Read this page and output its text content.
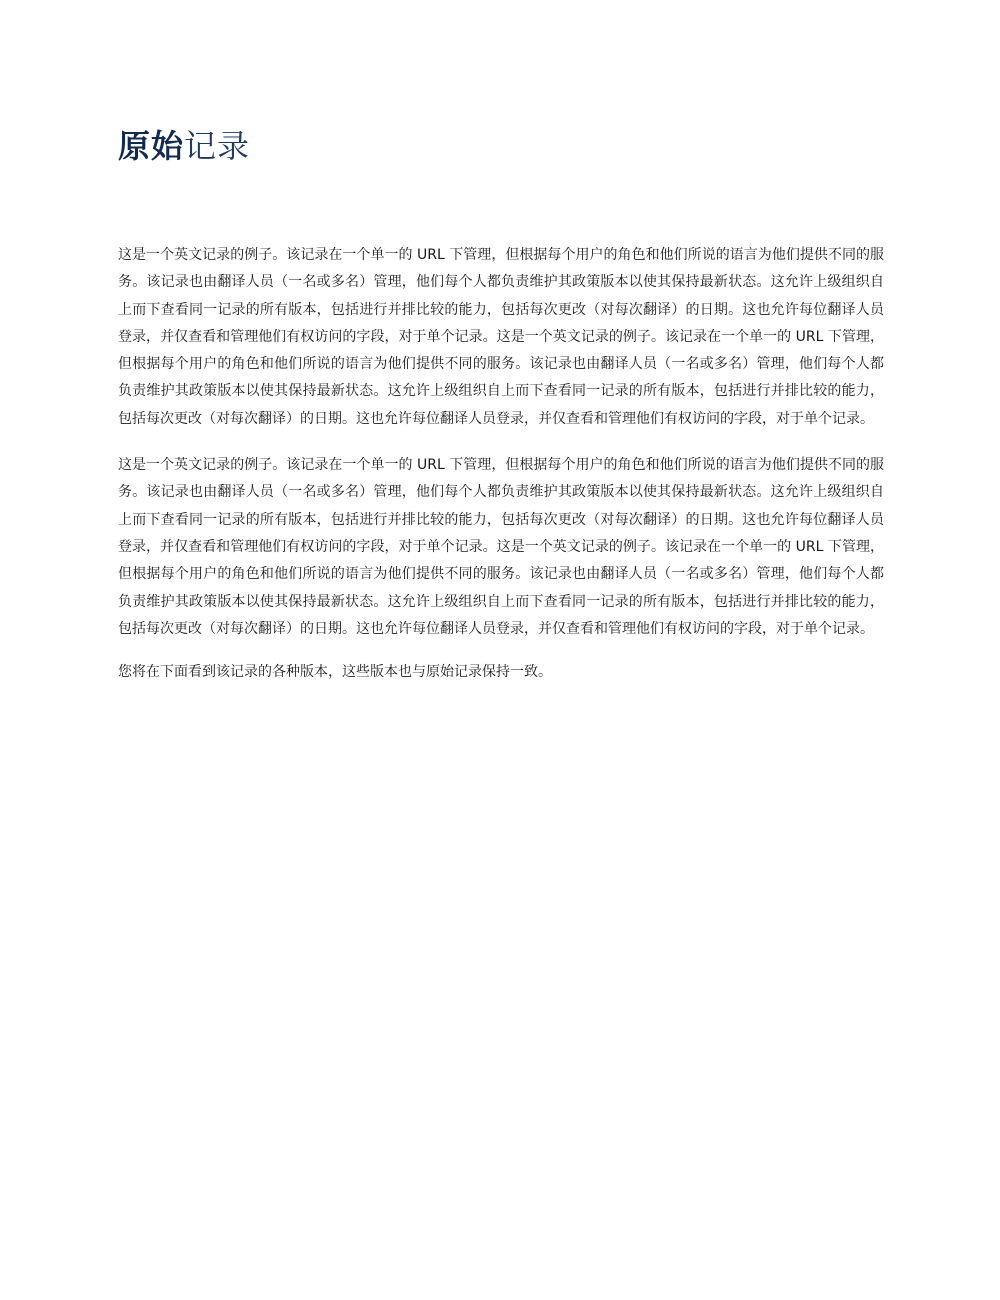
原始记录

这是一个英文记录的例子。该记录在一个单一的 URL 下管理，但根据每个用户的角色和他们所说的语言为他们提供不同的服务。该记录也由翻译人员（一名或多名）管理，他们每个人都负责维护其政策版本以使其保持最新状态。这允许上级组织自上而下查看同一记录的所有版本，包括进行并排比较的能力，包括每次更改（对每次翻译）的日期。这也允许每位翻译人员登录，并仅查看和管理他们有权访问的字段，对于单个记录。这是一个英文记录的例子。该记录在一个单一的 URL 下管理，但根据每个用户的角色和他们所说的语言为他们提供不同的服务。该记录也由翻译人员（一名或多名）管理，他们每个人都负责维护其政策版本以使其保持最新状态。这允许上级组织自上而下查看同一记录的所有版本，包括进行并排比较的能力，包括每次更改（对每次翻译）的日期。这也允许每位翻译人员登录，并仅查看和管理他们有权访问的字段，对于单个记录。

这是一个英文记录的例子。该记录在一个单一的 URL 下管理，但根据每个用户的角色和他们所说的语言为他们提供不同的服务。该记录也由翻译人员（一名或多名）管理，他们每个人都负责维护其政策版本以使其保持最新状态。这允许上级组织自上而下查看同一记录的所有版本，包括进行并排比较的能力，包括每次更改（对每次翻译）的日期。这也允许每位翻译人员登录，并仅查看和管理他们有权访问的字段，对于单个记录。这是一个英文记录的例子。该记录在一个单一的 URL 下管理，但根据每个用户的角色和他们所说的语言为他们提供不同的服务。该记录也由翻译人员（一名或多名）管理，他们每个人都负责维护其政策版本以使其保持最新状态。这允许上级组织自上而下查看同一记录的所有版本，包括进行并排比较的能力，包括每次更改（对每次翻译）的日期。这也允许每位翻译人员登录，并仅查看和管理他们有权访问的字段，对于单个记录。

您将在下面看到该记录的各种版本，这些版本也与原始记录保持一致。
